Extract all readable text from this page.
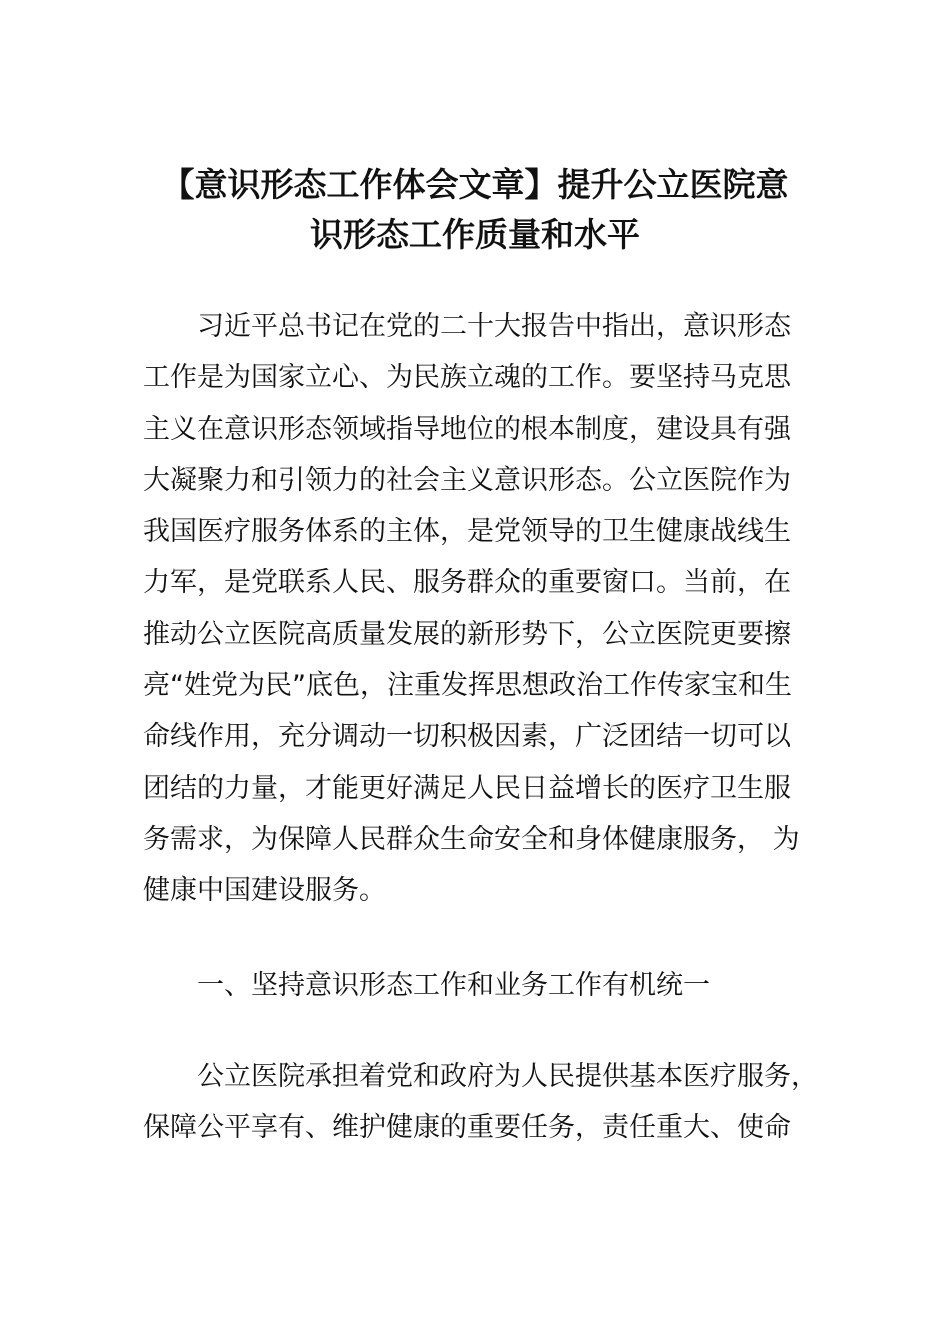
【意识形态工作体会文章】提升公立医院意
识形态工作质量和水平
　　习近平总书记在党的二十大报告中指出，意识形态
工作是为国家立心、为民族立魂的工作。要坚持马克思
主义在意识形态领域指导地位的根本制度，建设具有强
大凝聚力和引领力的社会主义意识形态。公立医院作为
我国医疗服务体系的主体，是党领导的卫生健康战线生
力军，是党联系人民、服务群众的重要窗口。当前，在
推动公立医院高质量发展的新形势下，公立医院更要擦
亮“姓党为民”底色，注重发挥思想政治工作传家宝和生
命线作用，充分调动一切积极因素，广泛团结一切可以
团结的力量，才能更好满足人民日益增长的医疗卫生服
务需求，为保障人民群众生命安全和身体健康服务， 为
健康中国建设服务。
　　一、坚持意识形态工作和业务工作有机统一
　　公立医院承担着党和政府为人民提供基本医疗服务，
保障公平享有、维护健康的重要任务，责任重大、使命
